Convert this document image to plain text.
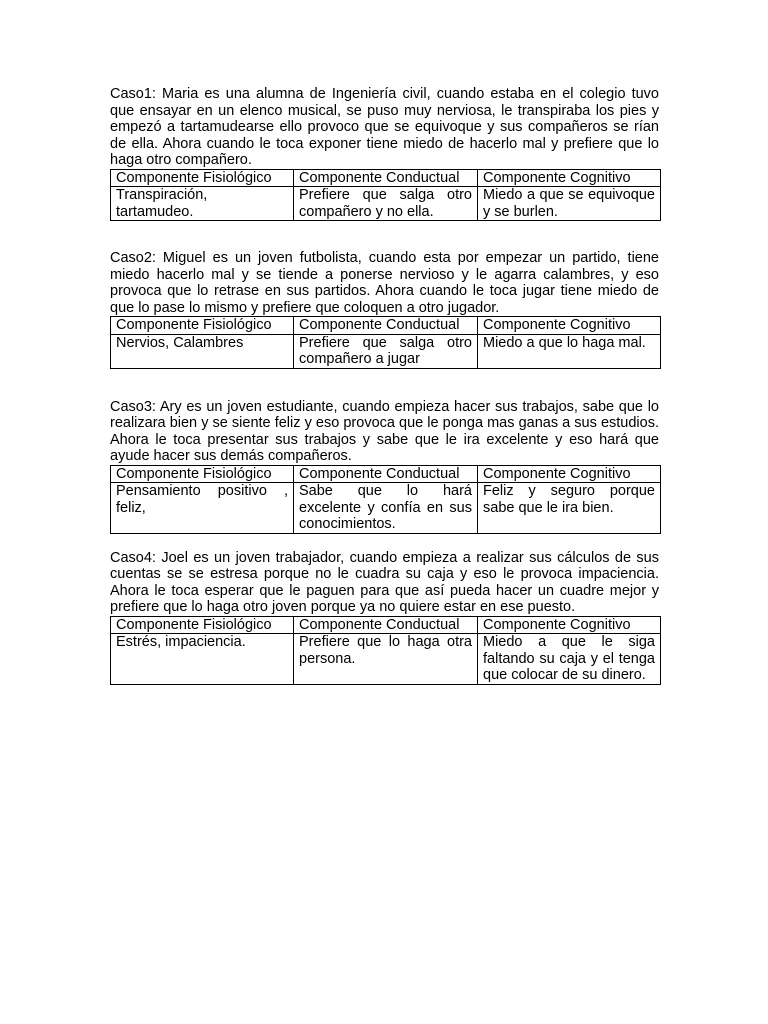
Caso1: Maria es una alumna de Ingeniería civil, cuando estaba en el colegio tuvo que ensayar en un elenco musical, se puso muy nerviosa, le transpiraba los pies y empezó a tartamudearse ello provoco que se equivoque y sus compañeros se rían de ella. Ahora cuando le toca exponer tiene miedo de hacerlo mal y prefiere que lo haga otro compañero.

Componente Fisiológico	Componente Conductual	Componente Cognitivo
Transpiración, tartamudeo.	Prefiere que salga otro compañero y no ella.	Miedo a que se equivoque y se burlen.

Caso2: Miguel es un joven futbolista, cuando esta por empezar un partido, tiene miedo hacerlo mal y se tiende a ponerse nervioso y le agarra calambres, y eso provoca que lo retrase en sus partidos. Ahora cuando le toca jugar tiene miedo de que lo pase lo mismo y prefiere que coloquen a otro jugador.

Componente Fisiológico	Componente Conductual	Componente Cognitivo
Nervios, Calambres	Prefiere que salga otro compañero a jugar	Miedo a que lo haga mal.

Caso3: Ary es un joven estudiante, cuando empieza hacer sus trabajos, sabe que lo realizara bien y se siente feliz y eso provoca que le ponga mas ganas a sus estudios. Ahora le toca presentar sus trabajos y sabe que le ira excelente y eso hará que ayude hacer sus demás compañeros.

Componente Fisiológico	Componente Conductual	Componente Cognitivo
Pensamiento positivo , feliz,	Sabe que lo hará excelente y confía en sus conocimientos.	Feliz y seguro porque sabe que le ira bien.

Caso4: Joel es un joven trabajador, cuando empieza a realizar sus cálculos de sus cuentas se se estresa porque no le cuadra su caja y eso le provoca impaciencia. Ahora le toca esperar que le paguen para que así pueda hacer un cuadre mejor y prefiere que lo haga otro joven porque ya no quiere estar en ese puesto.

Componente Fisiológico	Componente Conductual	Componente Cognitivo
Estrés, impaciencia.	Prefiere que lo haga otra persona.	Miedo a que le siga faltando su caja y el tenga que colocar de su dinero.
